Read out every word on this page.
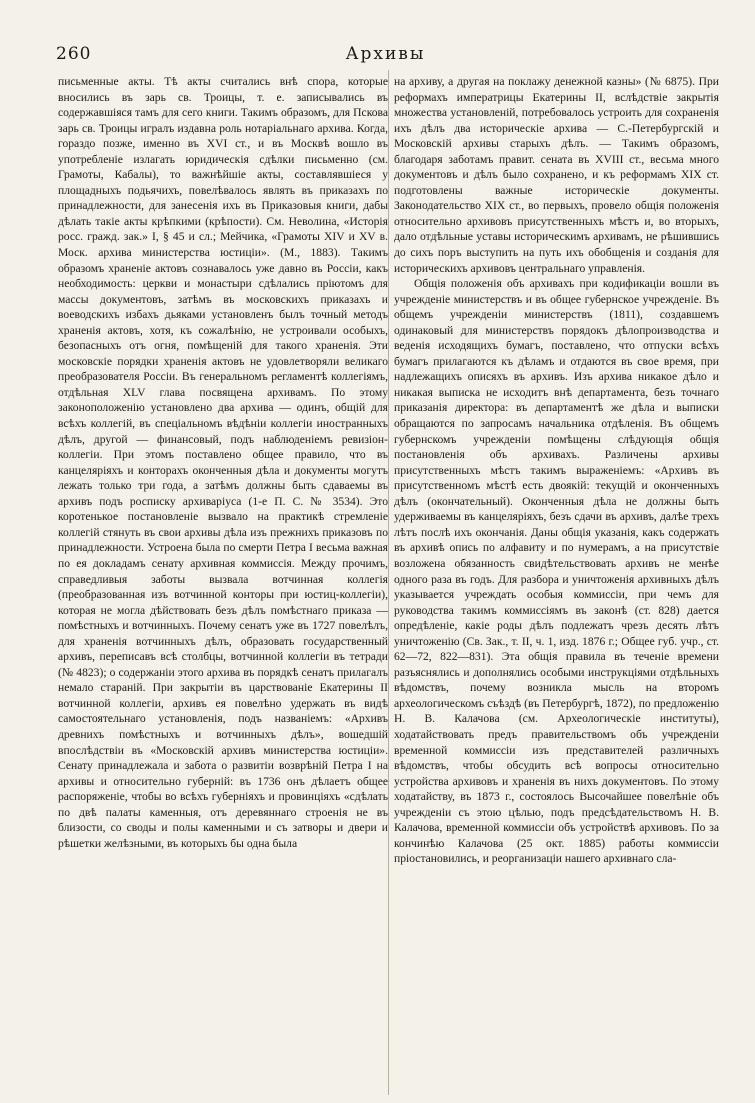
260	Архивы

письменные акты. Тѣ акты считались внѣ спора, которые вносились въ зарь св. Троицы, т. е. записывались въ содержавшiяся тамъ для сего книги. Такимъ образомъ, для Пскова зарь св. Троицы игралъ издавна роль нотарiальнаго архива. Когда, гораздо позже, именно въ XVI ст., и въ Москвѣ вошло въ употребленiе излагать юридическiя сдѣлки письменно (см. Грамоты, Кабалы), то важнѣйшiе акты, составлявшiеся у площадныхъ подьячихъ, повелѣвалось являть въ приказахъ по принадлежности, для занесенiя ихъ въ Приказовыя книги, дабы дѣлать такiе акты крѣпкими (крѣпости). См. Неволина, «Исторiя росс. гражд. зак.» I, § 45 и сл.; Мейчика, «Грамоты XIV и XV в. Моск. архива министерства юстицiи». (М., 1883). Такимъ образомъ храненiе актовъ сознавалось уже давно въ Россiи, какъ необходимость: церкви и монастыри сдѣлались прiютомъ для массы документовъ, затѣмъ въ московскихъ приказахъ и воеводскихъ избахъ дьяками установленъ былъ точный методъ храненiя актовъ, хотя, къ сожалѣнiю, не устроивали особыхъ, безопасныхъ отъ огня, помѣщенiй для такого храненiя. Эти московскiе порядки храненiя актовъ не удовлетворяли великаго преобразователя Россiи. Въ генеральномъ регламентѣ коллегiямъ, отдѣльная XLV глава посвящена архивамъ. По этому законоположенiю установлено два архива — одинъ, общiй для всѣхъ коллегiй, въ спецiальномъ вѣдѣнiи коллегiи иностранныхъ дѣлъ, другой — финансовый, подъ наблюденiемъ ревизiон-коллегiи. При этомъ поставлено общее правило, что въ канцелярiяхъ и конторахъ оконченныя дѣла и документы могутъ лежать только три года, а затѣмъ должны быть сдаваемы въ архивъ подъ росписку архиварiуса (1-е П. С. № 3534). Это коротенькое постановленiе вызвало на практикѣ стремленiе коллегiй стянуть въ свои архивы дѣла изъ прежнихъ приказовъ по принадлежности. Устроена была по смерти Петра I весьма важная по ея докладамъ сенату архивная коммиссiя. Между прочимъ, справедливыя заботы вызвала вотчинная коллегiя (преобразованная изъ вотчинной конторы при юстиц-коллегiи), которая не могла дѣйствовать безъ дѣлъ помѣстнаго приказа — помѣстныхъ и вотчинныхъ. Почему сенатъ уже въ 1727 повелѣлъ, для храненiя вотчинныхъ дѣлъ, образовать государственный архивъ, переписавъ всѣ столбцы, вотчинной коллегiи въ тетради (№ 4823); о содержанiи этого архива въ порядкѣ сенатъ прилагалъ немало старанiй. При закрытiи въ царствованiе Екатерины II вотчинной коллегiи, архивъ ея повелѣно удержать въ видѣ самостоятельнаго установленiя, подъ названiемъ: «Архивъ древнихъ помѣстныхъ и вотчинныхъ дѣлъ», вошедшiй впослѣдствiи въ «Московскiй архивъ министерства юстицiи». Сенату принадлежала и забота о развитiи возврѣнiй Петра I на архивы и относительно губернiй: въ 1736 онъ дѣлаетъ общее распоряженiе, чтобы во всѣхъ губернiяхъ и провинцiяхъ «сдѣлать по двѣ палаты каменныя, отъ деревяннаго строенiя не въ близости, со своды и полы каменными и съ затворы и двери и рѣшетки желѣзными, въ которыхъ бы одна была

на архиву, а другая на поклажу денежной казны» (№ 6875). При реформахъ императрицы Екатерины II, вслѣдствiе закрытiя множества установленiй, потребовалось устроить для сохраненiя ихъ дѣлъ два историческiе архива — С.-Петербургскiй и Московскiй архивы старыхъ дѣлъ. — Такимъ образомъ, благодаря заботамъ правит. сената въ XVIII ст., весьма много документовъ и дѣлъ было сохранено, и къ реформамъ XIX ст. подготовлены важные историческiе документы. Законодательство XIX ст., во первыхъ, провело общiя положенiя относительно архивовъ присутственныхъ мѣстъ и, во вторыхъ, дало отдѣльные уставы историческимъ архивамъ, не рѣшившись до сихъ поръ выступить на путь ихъ обобщенiя и созданiя для историческихъ архивовъ центральнаго управленiя.

Общiя положенiя объ архивахъ при кодификацiи вошли въ учрежденiе министерствъ и въ общее губернское учрежденiе. Въ общемъ учрежденiи министерствъ (1811), создавшемъ одинаковый для министерствъ порядокъ дѣлопроизводства и веденiя исходящихъ бумагъ, поставлено, что отпуски всѣхъ бумагъ прилагаются къ дѣламъ и отдаются въ свое время, при надлежащихъ описяхъ въ архивъ. Изъ архива никакое дѣло и никакая выписка не исходитъ внѣ департамента, безъ точнаго приказанiя директора: въ департаментѣ же дѣла и выписки обращаются по запросамъ начальника отдѣленiя. Въ общемъ губернскомъ учрежденiи помѣщены слѣдующiя общiя постановленiя объ архивахъ. Различены архивы присутственныхъ мѣстъ такимъ выраженiемъ: «Архивъ въ присутственномъ мѣстѣ есть двоякiй: текущiй и оконченныхъ дѣлъ (окончательный). Оконченныя дѣла не должны быть удерживаемы въ канцелярiяхъ, безъ сдачи въ архивъ, далѣе трехъ лѣтъ послѣ ихъ окончанiя. Даны общiя указанiя, какъ содержать въ архивѣ опись по алфавиту и по нумерамъ, а на присутствiе возложена обязанность свидѣтельствовать архивъ не менѣе одного раза въ годъ. Для разбора и уничтоженiя архивныхъ дѣлъ указывается учреждать особыя коммиссiи, при чемъ для руководства такимъ коммиссiямъ въ законѣ (ст. 828) дается опредѣленiе, какiе роды дѣлъ подлежатъ чрезъ десять лѣтъ уничтоженiю (Св. Зак., т. II, ч. 1, изд. 1876 г.; Общее губ. учр., ст. 62—72, 822—831). Эта общiя правила въ теченiе времени разъяснялись и дополнялись особыми инструкцiями отдѣльныхъ вѣдомствъ, почему возникла мысль на второмъ археологическомъ съѣздѣ (въ Петербургѣ, 1872), по предложенiю Н. В. Калачова (см. Археологическiе институты), ходатайствовать предъ правительствомъ объ учрежденiи временной коммиссiи изъ представителей различныхъ вѣдомствъ, чтобы обсудить всѣ вопросы относительно устройства архивовъ и храненiя въ нихъ документовъ. По этому ходатайству, въ 1873 г., состоялось Высочайшее повелѣнiе объ учрежденiи съ этою цѣлью, подъ предсѣдательствомъ Н. В. Калачова, временной коммиссiи объ устройствѣ архивовъ. По за кончинѣю Калачова (25 окт. 1885) работы коммиссiи прiостановились, и реорганизацiи нашего архивнаго сла-
